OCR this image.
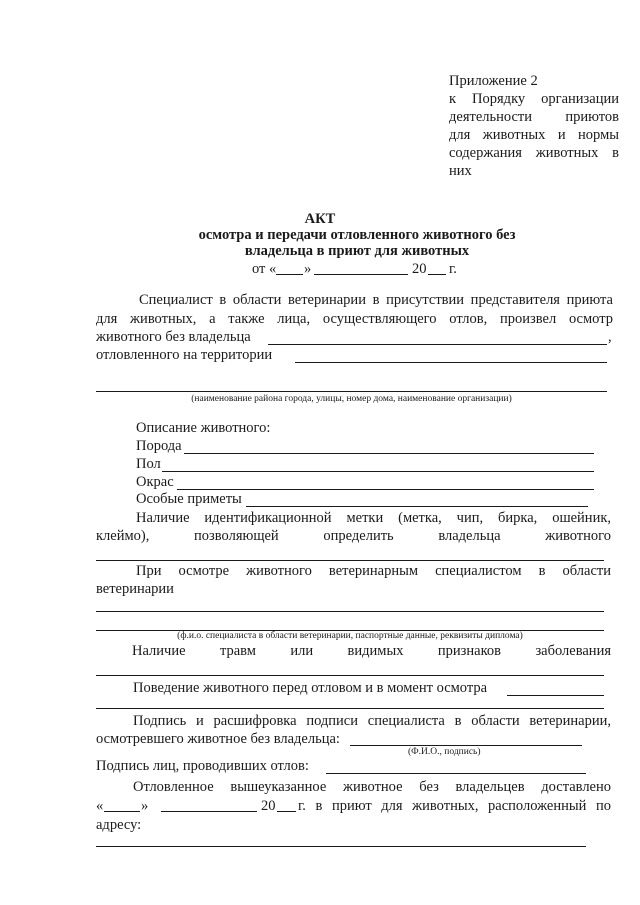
Приложение 2
к Порядку организации
деятельности приютов
для животных и нормы
содержания животных в
них
АКТ
осмотра и передачи отловленного животного без
владельца в приют для животных
от « »	20 г.
Специалист в области ветеринарии в присутствии представителя приюта
для животных, а также лица, осуществляющего отлов, произвел осмотр
животного без владельца	,
отловленного на территории
(наименование района города, улицы, номер дома, наименование организации)
Описание животного:
Порода
Пол
Окрас
Особые приметы
Наличие идентификационной метки (метка, чип, бирка, ошейник,
клеймо), позволяющей определить владельца животного
При осмотре животного ветеринарным специалистом в области
ветеринарии
(ф.и.о. специалиста в области ветеринарии, паспортные данные, реквизиты диплома)
Наличие травм или видимых признаков заболевания
Поведение животного перед отловом и в момент осмотра
Подпись и расшифровка подписи специалиста в области ветеринарии,
осмотревшего животное без владельца:
(Ф.И.О., подпись)
Подпись лиц, проводивших отлов:
Отловленное вышеуказанное животное без владельцев доставлено
«	»	20 г. в приют для животных, расположенный по
адресу:
